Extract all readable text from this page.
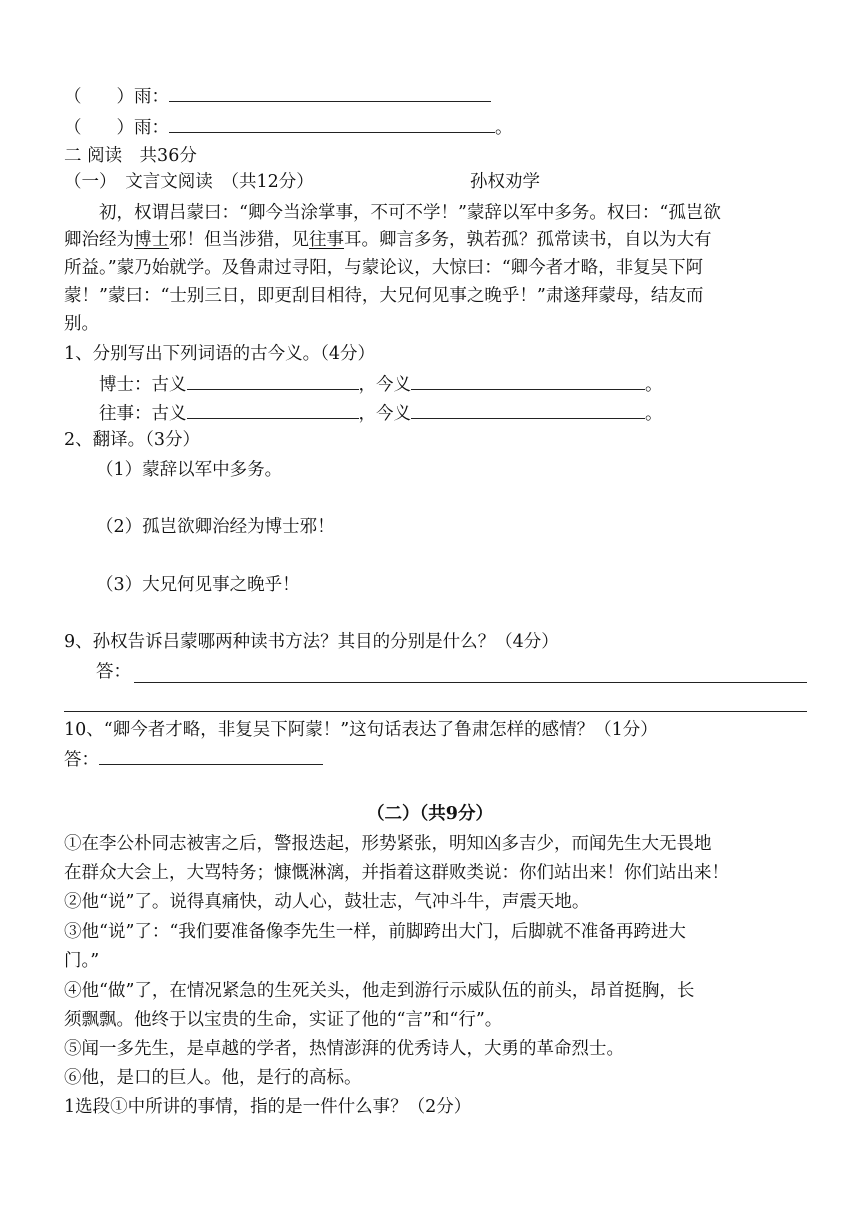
（　　）雨：
（　　）雨：	。
二 阅读　共36分
（一）　文言文阅读　（共12分）	孙权劝学
　　初，权谓吕蒙曰：“卿今当涂掌事，不可不学！”蒙辞以军中多务。权曰：“孤岂欲
卿治经为博士邪！但当涉猎，见往事耳。卿言多务，孰若孤？孤常读书，自以为大有
所益。”蒙乃始就学。及鲁肃过寻阳，与蒙论议，大惊曰：“卿今者才略，非复吴下阿
蒙！”蒙曰：“士别三日，即更刮目相待，大兄何见事之晚乎！”肃遂拜蒙母，结友而
别。
1、分别写出下列词语的古今义。（4分）
　　博士：古义	，今义	。
　　往事：古义	，今义	。
2、翻译。（3分）
（1）蒙辞以军中多务。
（2）孤岂欲卿治经为博士邪！
（3）大兄何见事之晚乎！
9、孙权告诉吕蒙哪两种读书方法？其目的分别是什么？（4分）
答：
10、“卿今者才略，非复吴下阿蒙！”这句话表达了鲁肃怎样的感情？（1分）
答：
（二）（共9分）
①在李公朴同志被害之后，警报迭起，形势紧张，明知凶多吉少，而闻先生大无畏地
在群众大会上，大骂特务；慷慨淋漓，并指着这群败类说：你们站出来！你们站出来！
②他“说”了。说得真痛快，动人心，鼓壮志，气冲斗牛，声震天地。
③他“说”了：“我们要准备像李先生一样，前脚跨出大门，后脚就不准备再跨进大
门。”
④他“做”了，在情况紧急的生死关头，他走到游行示威队伍的前头，昂首挺胸，长
须飘飘。他终于以宝贵的生命，实证了他的“言”和“行”。
⑤闻一多先生，是卓越的学者，热情澎湃的优秀诗人，大勇的革命烈士。
⑥他，是口的巨人。他，是行的高标。
1选段①中所讲的事情，指的是一件什么事？（2分）
